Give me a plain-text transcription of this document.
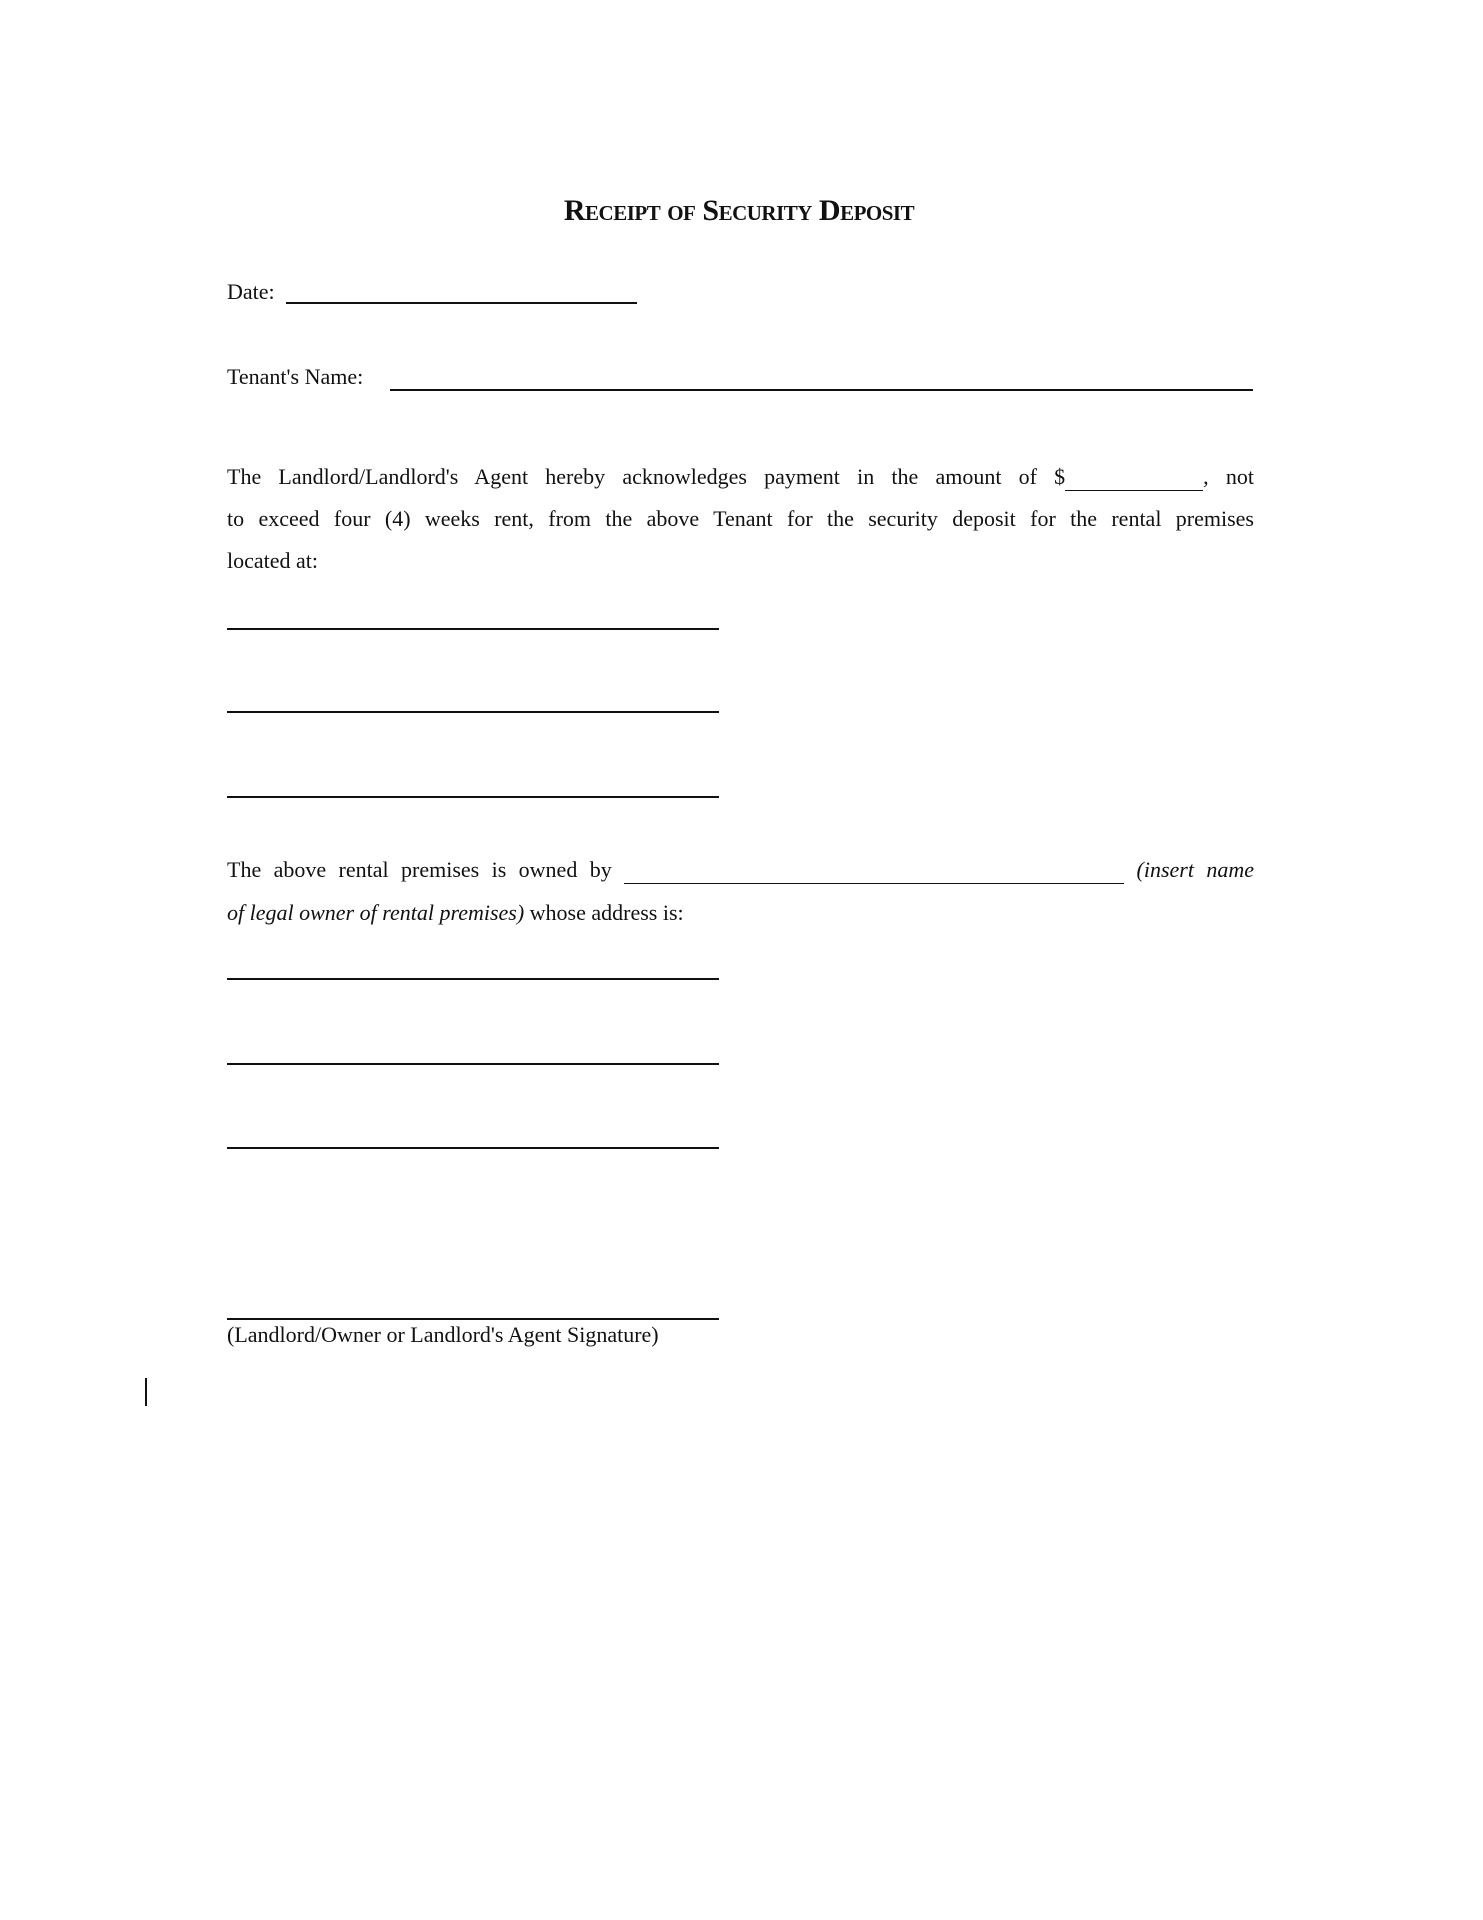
Receipt of Security Deposit
Date:
Tenant's Name:
The Landlord/Landlord's Agent hereby acknowledges payment in the amount of $	, not
to exceed four (4) weeks rent, from the above Tenant for the security deposit for the rental premises
located at:
The above rental premises is owned by	(insert name
of legal owner of rental premises) whose address is:
(Landlord/Owner or Landlord's Agent Signature)
